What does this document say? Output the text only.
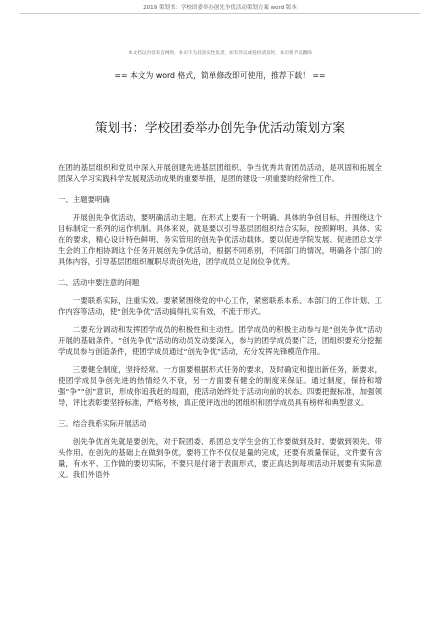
2019 策划书：学校团委举办创先争优活动策划方案 word 版本
本文档以内容来自网络，本司不为其真实性负责，如有异议或侵权请及时，本司将予以删除
== 本文为 word 格式，简单修改即可使用，推荐下载！ ==
策划书：学校团委举办创先争优活动策划方案

在团的基层组织和党员中深入开展创建先进基层团组织、争当优秀共青团员活动，是巩固和拓展全团深入学习实践科学发展观活动成果的重要举措，是团的建设一项重要的经常性工作。

一、主题要明确

开展创先争优活动，要明确活动主题。在形式上要有一个明确、具体的争创目标，并围绕这个目标制定一系列的运作机制。具体来说，就是要以引导基层团组织结合实际，按照鲜明、具体、实在的要求，精心设计特色鲜明、务实管用的创先争优活动载体。要以促进学院发展、促进团总支学生会的工作相协调这个任务开展创先争优活动，根据不同系别，不同部门的情况，明确各个部门的具体内容，引导基层团组织履职尽责创先进，团学成员立足岗位争优秀。

二、活动中要注意的问题

一要联系实际，注重实效。要紧紧围绕党的中心工作，紧密联系本系、本部门的工作计划、工作内容等活动，使“创先争优”活动搞得扎实有效，不流于形式。

二要充分调动和发挥团学成员的积极性和主动性。团学成员的积极主动参与是“创先争优”活动开展的基础条件。“创先争优”活动的动员发动要深入，参与的团学成员要广泛，团组织要充分挖掘学成员参与创造条件，使团学成员通过“创先争优”活动，充分发挥先锋模范作用。

三要健全制度，坚持经常。一方面要根据形式任务的要求，及时确定和提出新任务，新要求，使团学成员争创先进的热情经久不衰，另一方面要有健全的制度来保证。通过制度，保持和增强“争”“创”意识，形成你追我赶的局面，使活动始终处于活动向前的状态。四要把握标准，加强领导，评比表彰要坚持标准，严格考核，真正使评选出的团组织和团学成员具有榜样和典型意义。

三、结合我系实际开展活动

创先争优首先就是要创先，对于院团委、系团总支学生会的工作要做到及时、要做到领先、带头作用。在创先的基础上在做到争优，要将工作不仅仅是量的完成，还要有质量保证，文件要有含量，有水平、工作做的要切实际，不要只是付诸于表面形式，要正真达到每项活动开展要有实际意义。我们外语外
